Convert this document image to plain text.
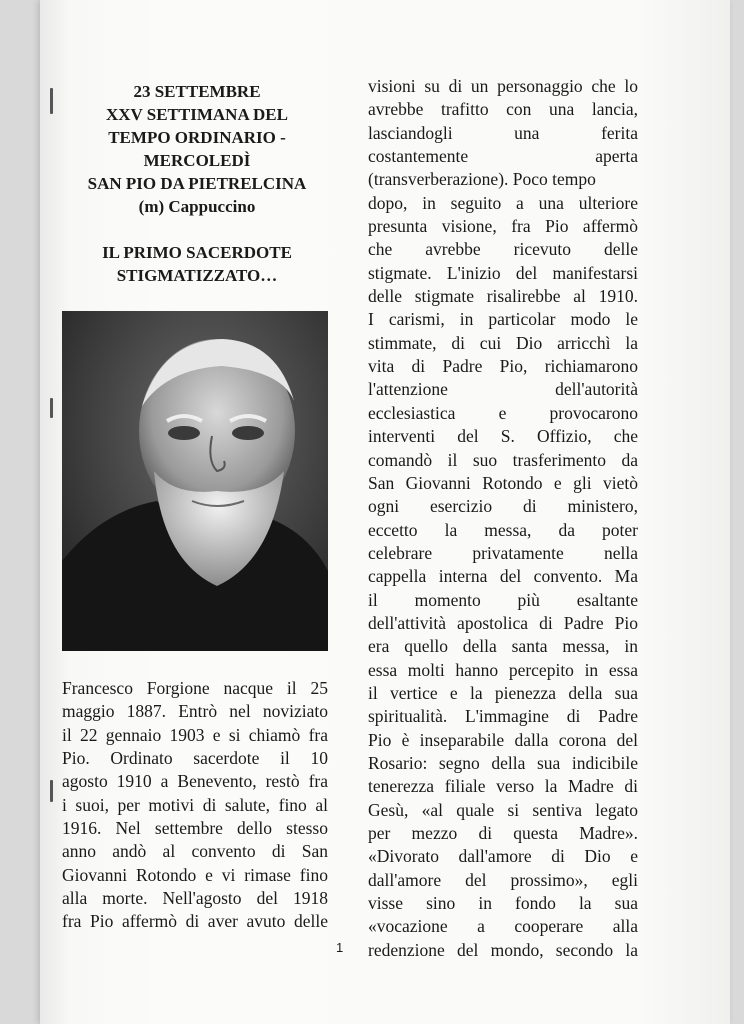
23 SETTEMBRE
XXV SETTIMANA DEL
TEMPO ORDINARIO -
MERCOLEDÌ
SAN PIO DA PIETRELCINA
(m) Cappuccino
IL PRIMO SACERDOTE
STIGMATIZZATO…
Francesco Forgione nacque il 25
maggio 1887. Entrò nel noviziato
il 22 gennaio 1903 e si chiamò fra
Pio. Ordinato sacerdote il 10
agosto 1910 a Benevento, restò fra
i suoi, per motivi di salute, fino al
1916. Nel settembre dello stesso
anno andò al convento di San
Giovanni Rotondo e vi rimase fino
alla morte. Nell'agosto del 1918
fra Pio affermò di aver avuto delle
visioni su di un personaggio che lo
avrebbe trafitto con una lancia,
lasciandogli una ferita
costantemente aperta
(transverberazione). Poco tempo
dopo, in seguito a una ulteriore
presunta visione, fra Pio affermò
che avrebbe ricevuto delle
stigmate. L'inizio del manifestarsi
delle stigmate risalirebbe al 1910.
I carismi, in particolar modo le
stimmate, di cui Dio arricchì la
vita di Padre Pio, richiamarono
l'attenzione dell'autorità
ecclesiastica e provocarono
interventi del S. Offizio, che
comandò il suo trasferimento da
San Giovanni Rotondo e gli vietò
ogni esercizio di ministero,
eccetto la messa, da poter
celebrare privatamente nella
cappella interna del convento. Ma
il momento più esaltante
dell'attività apostolica di Padre Pio
era quello della santa messa, in
essa molti hanno percepito in essa
il vertice e la pienezza della sua
spiritualità. L'immagine di Padre
Pio è inseparabile dalla corona del
Rosario: segno della sua indicibile
tenerezza filiale verso la Madre di
Gesù, «al quale si sentiva legato
per mezzo di questa Madre».
«Divorato dall'amore di Dio e
dall'amore del prossimo», egli
visse sino in fondo la sua
«vocazione a cooperare alla
redenzione del mondo, secondo la
1
